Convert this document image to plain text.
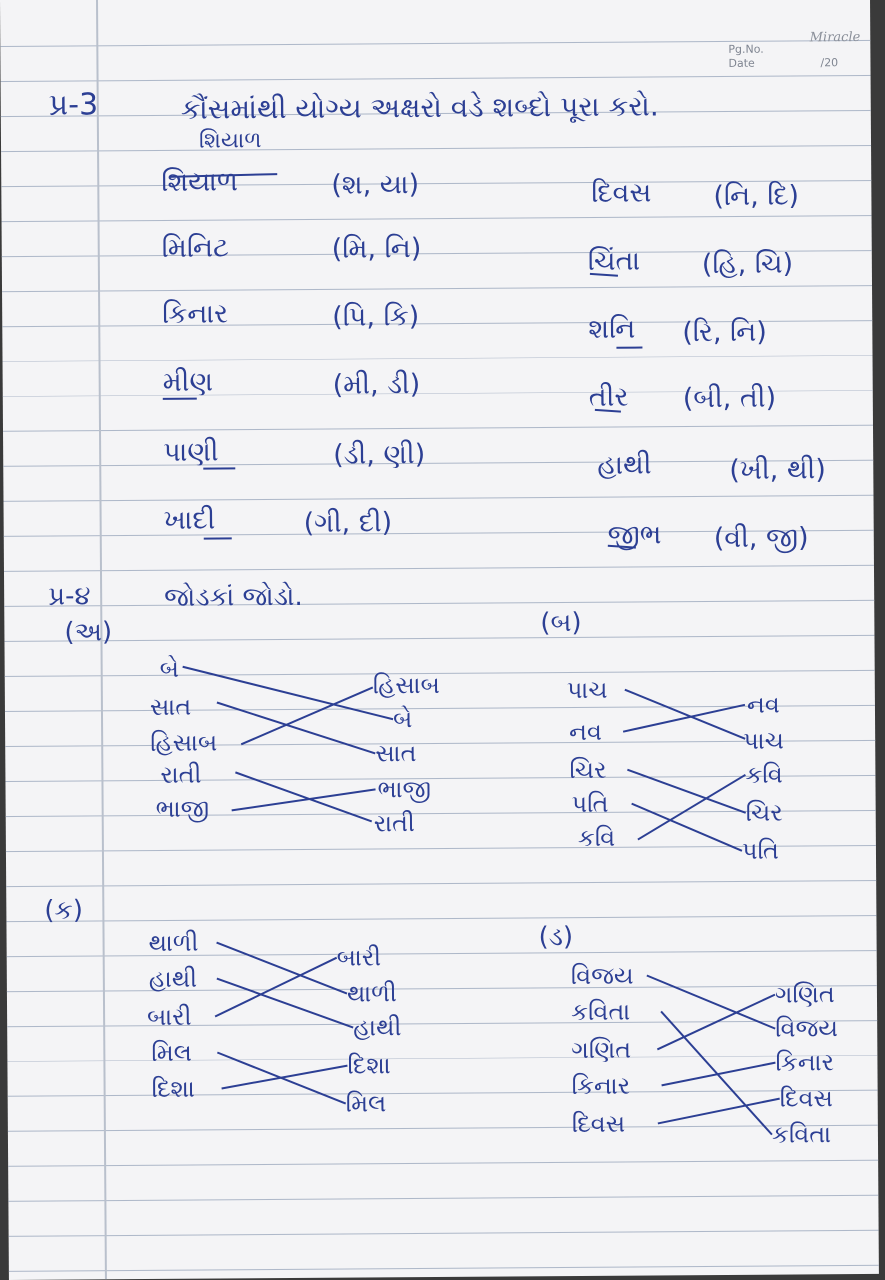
Miracle
Pg.No.
Date	/20
પ્ર-3	કૌંસમાંથી યોગ્ય અક્ષરો વડે શબ્દો પૂરા કરો.
શિયાળ
શિયાળ	(શ, યા)
મિનિટ	(મિ, નિ)
કિનાર	(પિ, કિ)
મીણ	(મી, ડી)
પાણી	(ડી, ણી)
ખાદી	(ગી, દી)
દિવસ (નિ, દિ)
ચિંતા (હિ, ચિ)
શનિ (રિ, નિ)
તીર (બી, તી)
હાથી	(ખી, થી)
જીભ (વી, જી)
પ્ર-૪	જોડકાં જોડો.
(અ)
બે
સાત
હિસાબ
રાતી
ભાજી
હિસાબ
બે
સાત
ભાજી
રાતી
(બ)
પાચ
નવ
ચિર
પતિ
કવિ
નવ
પાચ
કવિ
ચિર
પતિ
(ક)
થાળી
હાથી
બારી
મિલ
દિશા
બારી
થાળી
હાથી
દિશા
મિલ
(ડ)
વિજય
કવિતા
ગણિત
કિનાર
દિવસ
ગણિત
વિજય
કિનાર
દિવસ
કવિતા
